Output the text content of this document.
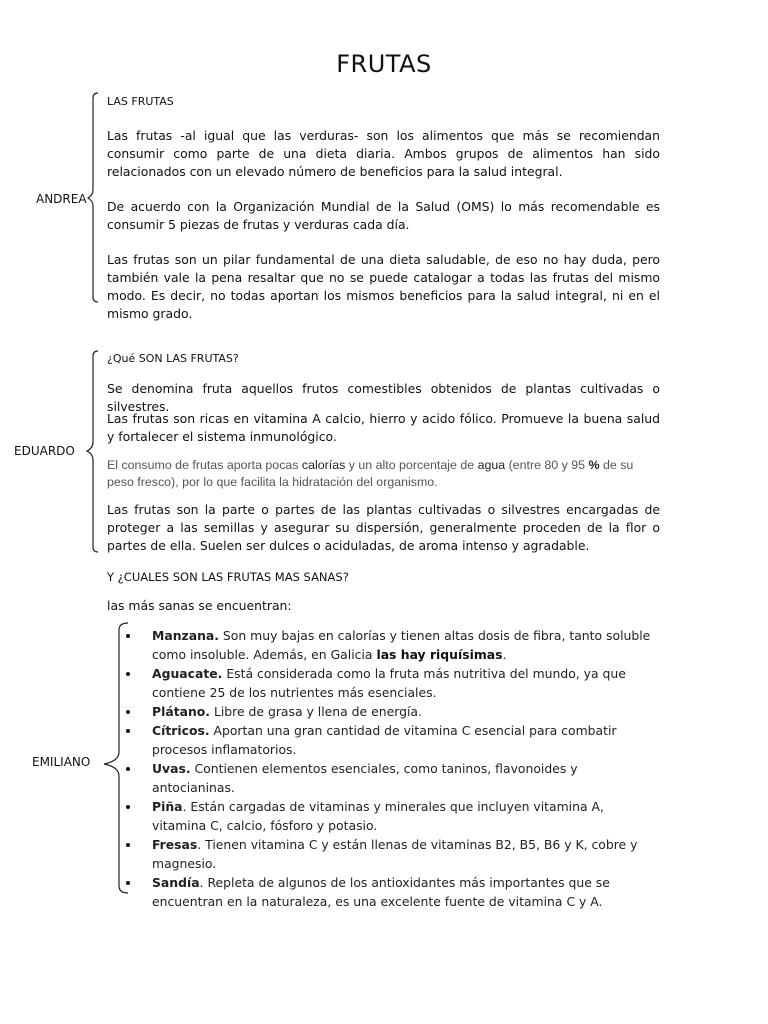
FRUTAS
ANDREA
LAS FRUTAS
Las frutas -al igual que las verduras- son los alimentos que más se recomiendan consumir como parte de una dieta diaria. Ambos grupos de alimentos han sido relacionados con un elevado número de beneficios para la salud integral.
De acuerdo con la Organización Mundial de la Salud (OMS) lo más recomendable es consumir 5 piezas de frutas y verduras cada día.
Las frutas son un pilar fundamental de una dieta saludable, de eso no hay duda, pero también vale la pena resaltar que no se puede catalogar a todas las frutas del mismo modo. Es decir, no todas aportan los mismos beneficios para la salud integral, ni en el mismo grado.
EDUARDO
¿Qué SON LAS FRUTAS?
Se denomina fruta aquellos frutos comestibles obtenidos de plantas cultivadas o silvestres.
Las frutas son ricas en vitamina A calcio, hierro y acido fólico. Promueve la buena salud y fortalecer el sistema inmunológico.
El consumo de frutas aporta pocas calorías y un alto porcentaje de agua (entre 80 y 95 % de su peso fresco), por lo que facilita la hidratación del organismo.
Las frutas son la parte o partes de las plantas cultivadas o silvestres encargadas de proteger a las semillas y asegurar su dispersión, generalmente proceden de la flor o partes de ella. Suelen ser dulces o aciduladas, de aroma intenso y agradable.
Y ¿CUALES SON LAS FRUTAS MAS SANAS?
las más sanas se encuentran:
EMILIANO
Manzana. Son muy bajas en calorías y tienen altas dosis de fibra, tanto soluble como insoluble. Además, en Galicia las hay riquísimas.
Aguacate. Está considerada como la fruta más nutritiva del mundo, ya que contiene 25 de los nutrientes más esenciales.
Plátano. Libre de grasa y llena de energía.
Cítricos. Aportan una gran cantidad de vitamina C esencial para combatir procesos inflamatorios.
Uvas. Contienen elementos esenciales, como taninos, flavonoides y antocianinas.
Piña. Están cargadas de vitaminas y minerales que incluyen vitamina A, vitamina C, calcio, fósforo y potasio.
Fresas. Tienen vitamina C y están llenas de vitaminas B2, B5, B6 y K, cobre y magnesio.
Sandía. Repleta de algunos de los antioxidantes más importantes que se encuentran en la naturaleza, es una excelente fuente de vitamina C y A.
